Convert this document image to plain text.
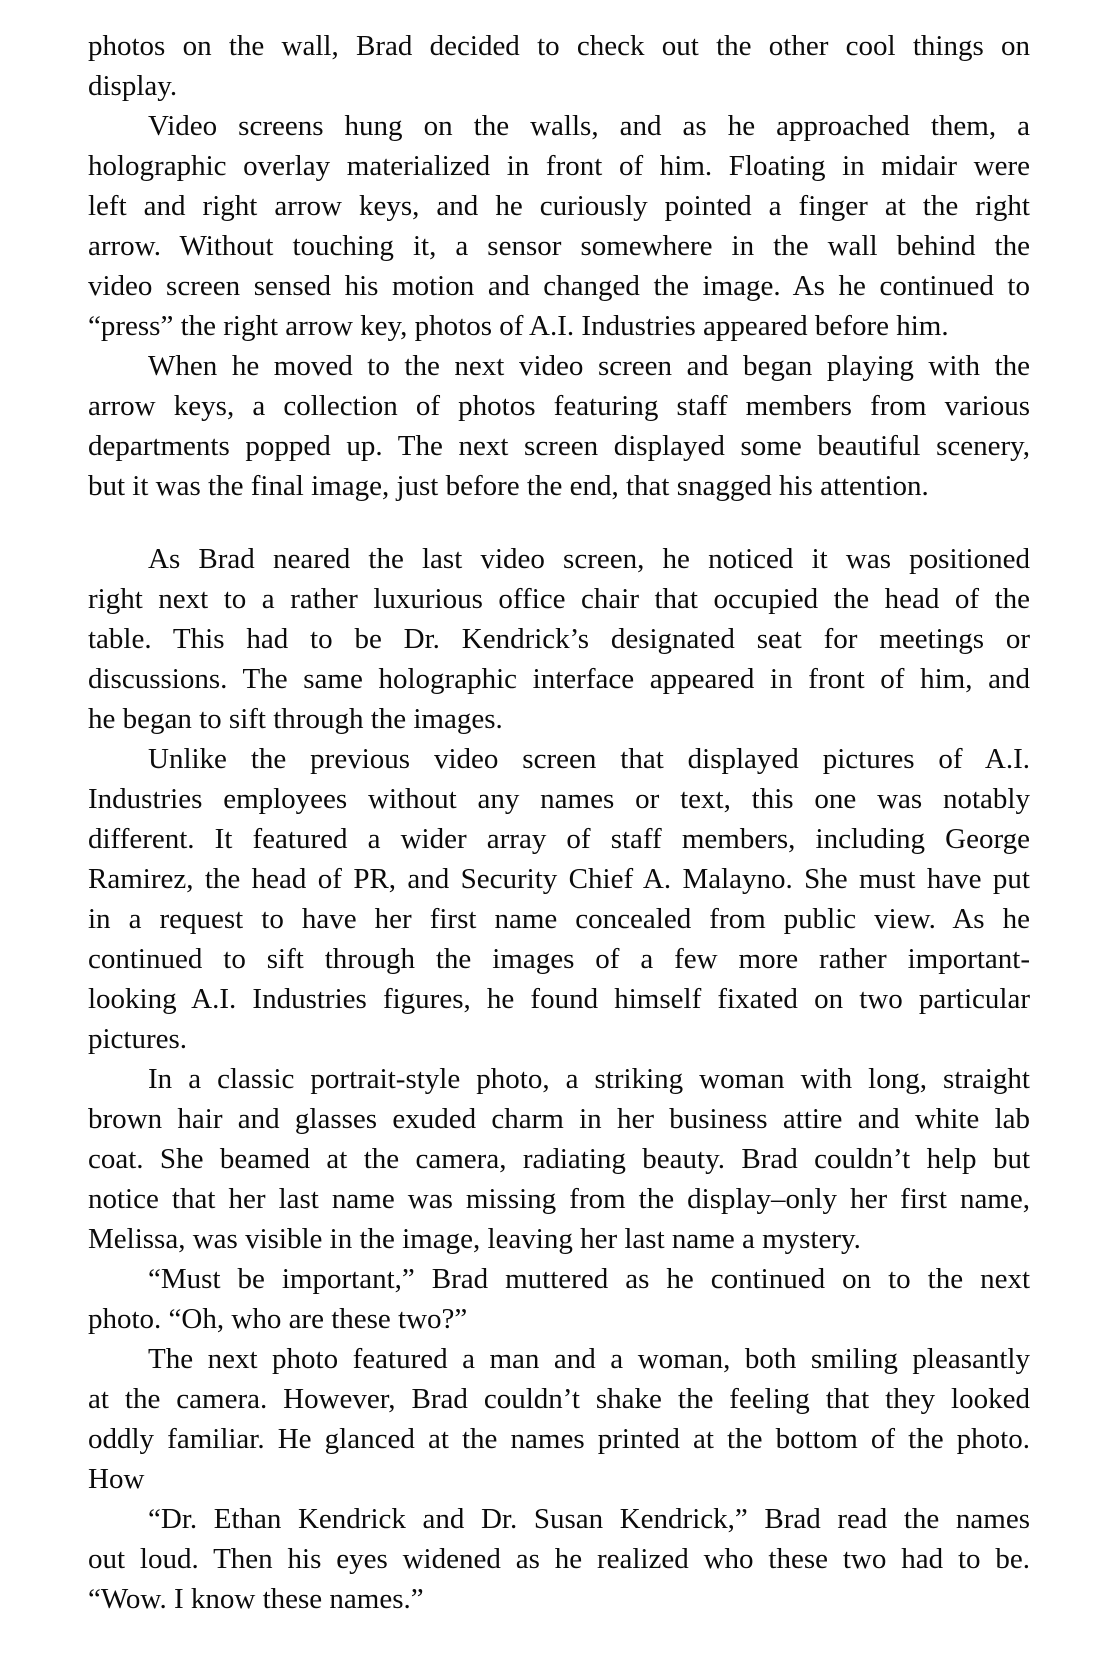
photos on the wall, Brad decided to check out the other cool things on
display.
Video screens hung on the walls, and as he approached them, a
holographic overlay materialized in front of him. Floating in midair were
left and right arrow keys, and he curiously pointed a finger at the right
arrow. Without touching it, a sensor somewhere in the wall behind the
video screen sensed his motion and changed the image. As he continued to
“press” the right arrow key, photos of A.I. Industries appeared before him.
When he moved to the next video screen and began playing with the
arrow keys, a collection of photos featuring staff members from various
departments popped up. The next screen displayed some beautiful scenery,
but it was the final image, just before the end, that snagged his attention.
As Brad neared the last video screen, he noticed it was positioned
right next to a rather luxurious office chair that occupied the head of the
table. This had to be Dr. Kendrick’s designated seat for meetings or
discussions. The same holographic interface appeared in front of him, and
he began to sift through the images.
Unlike the previous video screen that displayed pictures of A.I.
Industries employees without any names or text, this one was notably
different. It featured a wider array of staff members, including George
Ramirez, the head of PR, and Security Chief A. Malayno. She must have put
in a request to have her first name concealed from public view. As he
continued to sift through the images of a few more rather important-
looking A.I. Industries figures, he found himself fixated on two particular
pictures.
In a classic portrait-style photo, a striking woman with long, straight
brown hair and glasses exuded charm in her business attire and white lab
coat. She beamed at the camera, radiating beauty. Brad couldn’t help but
notice that her last name was missing from the display–only her first name,
Melissa, was visible in the image, leaving her last name a mystery.
“Must be important,” Brad muttered as he continued on to the next
photo. “Oh, who are these two?”
The next photo featured a man and a woman, both smiling pleasantly
at the camera. However, Brad couldn’t shake the feeling that they looked
oddly familiar. He glanced at the names printed at the bottom of the photo.
How
“Dr. Ethan Kendrick and Dr. Susan Kendrick,” Brad read the names
out loud. Then his eyes widened as he realized who these two had to be.
“Wow. I know these names.”
